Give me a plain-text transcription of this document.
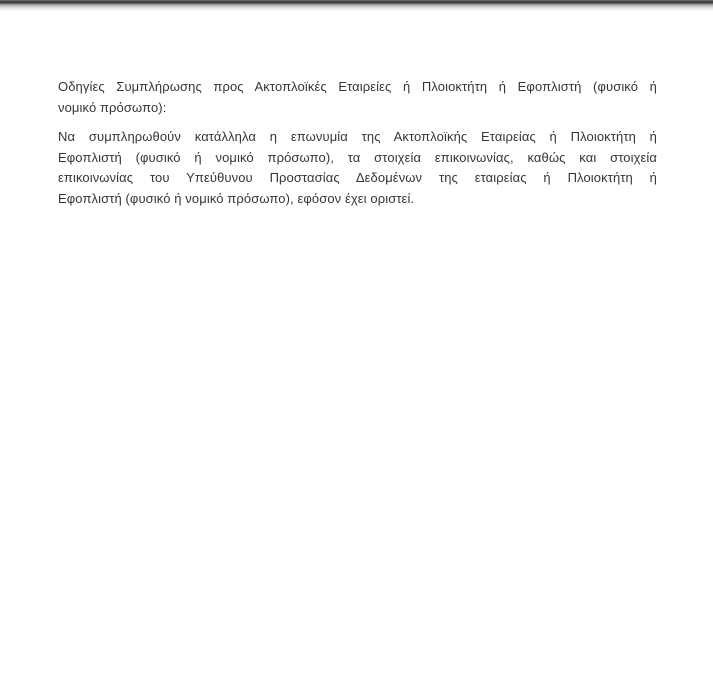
Οδηγίες Συμπλήρωσης προς Ακτοπλοϊκές Εταιρείες ή Πλοιοκτήτη ή Εφοπλιστή (φυσικό ή
νομικό πρόσωπο):
Να συμπληρωθούν κατάλληλα η επωνυμία της Ακτοπλοϊκής Εταιρείας ή Πλοιοκτήτη ή
Εφοπλιστή (φυσικό ή νομικό πρόσωπο), τα στοιχεία επικοινωνίας, καθώς και στοιχεία
επικοινωνίας του Υπεύθυνου Προστασίας Δεδομένων της εταιρείας ή Πλοιοκτήτη ή
Εφοπλιστή (φυσικό ή νομικό πρόσωπο), εφόσον έχει οριστεί.
